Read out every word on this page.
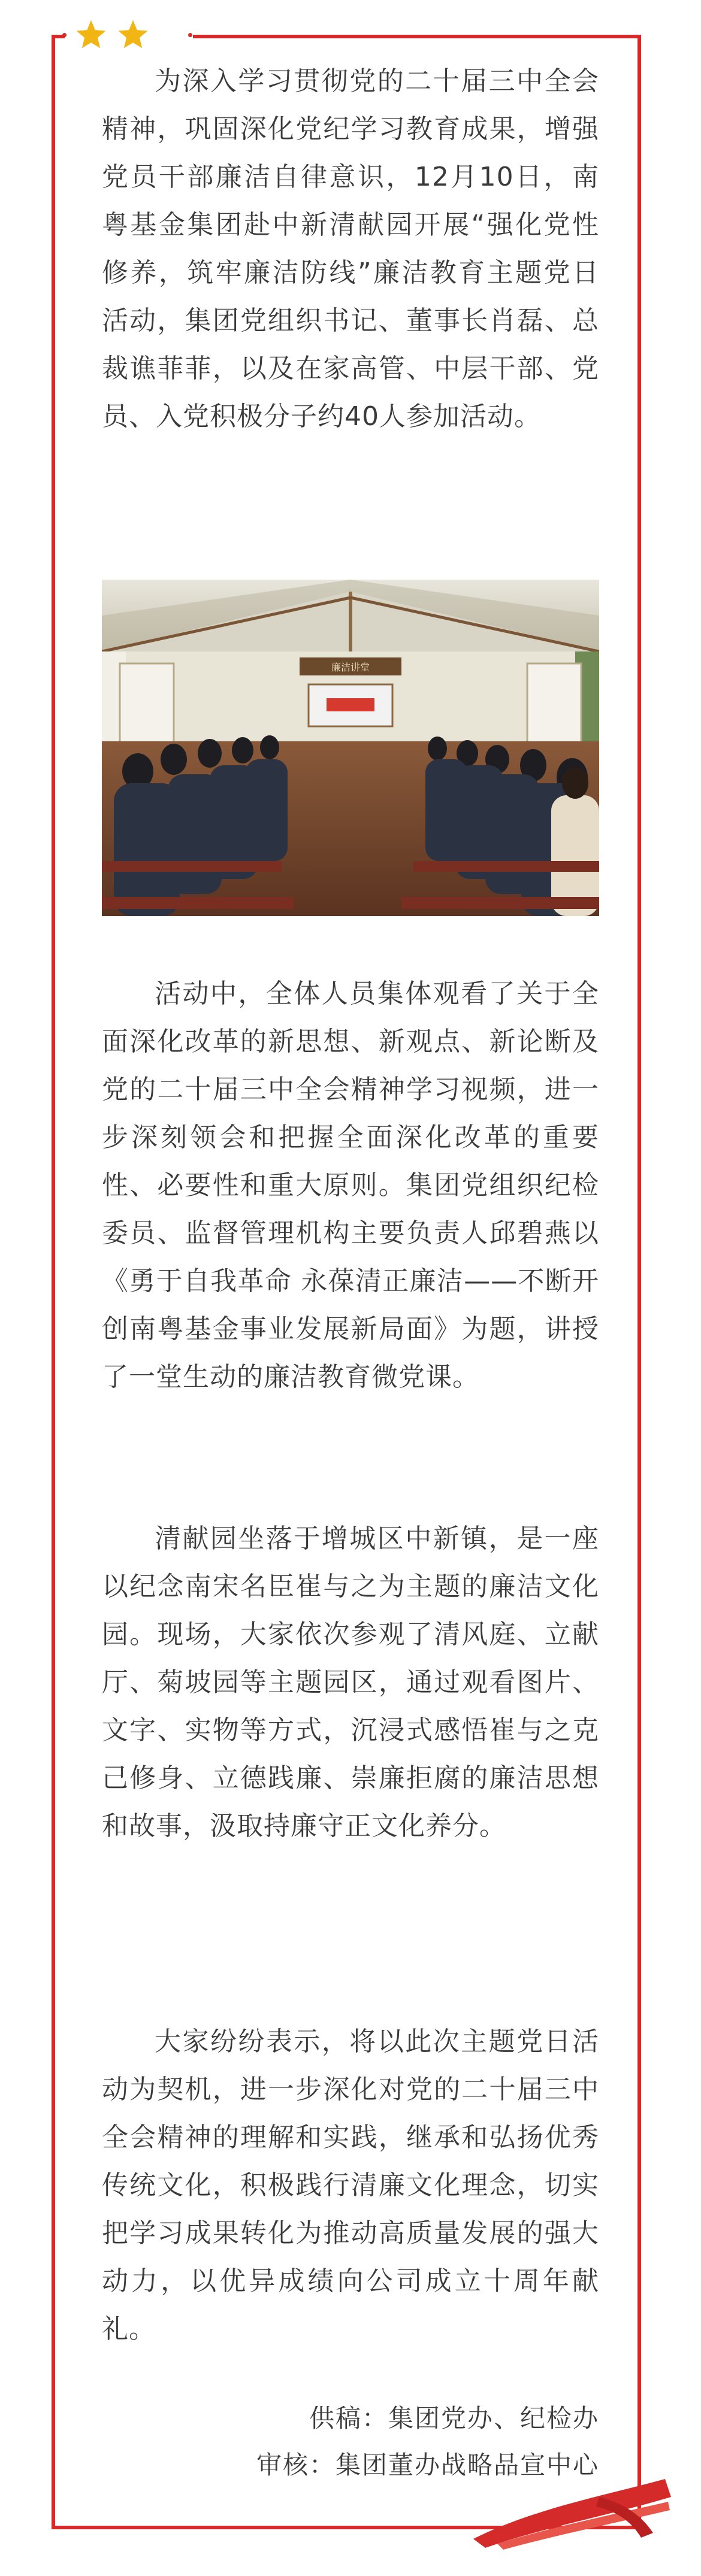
为深入学习贯彻党的二十届三中全会精神，巩固深化党纪学习教育成果，增强党员干部廉洁自律意识，12月10日，南粤基金集团赴中新清献园开展“强化党性修养，筑牢廉洁防线”廉洁教育主题党日活动，集团党组织书记、董事长肖磊、总裁谯菲菲，以及在家高管、中层干部、党员、入党积极分子约40人参加活动。
廉洁讲堂
活动中，全体人员集体观看了关于全面深化改革的新思想、新观点、新论断及党的二十届三中全会精神学习视频，进一步深刻领会和把握全面深化改革的重要性、必要性和重大原则。集团党组织纪检委员、监督管理机构主要负责人邱碧燕以《勇于自我革命 永葆清正廉洁——不断开创南粤基金事业发展新局面》为题，讲授了一堂生动的廉洁教育微党课。
清献园坐落于增城区中新镇，是一座以纪念南宋名臣崔与之为主题的廉洁文化园。现场，大家依次参观了清风庭、立献厅、菊坡园等主题园区，通过观看图片、文字、实物等方式，沉浸式感悟崔与之克己修身、立德践廉、崇廉拒腐的廉洁思想和故事，汲取持廉守正文化养分。
大家纷纷表示，将以此次主题党日活动为契机，进一步深化对党的二十届三中全会精神的理解和实践，继承和弘扬优秀传统文化，积极践行清廉文化理念，切实把学习成果转化为推动高质量发展的强大动力，以优异成绩向公司成立十周年献礼。
供稿：集团党办、纪检办
审核：集团董办战略品宣中心
